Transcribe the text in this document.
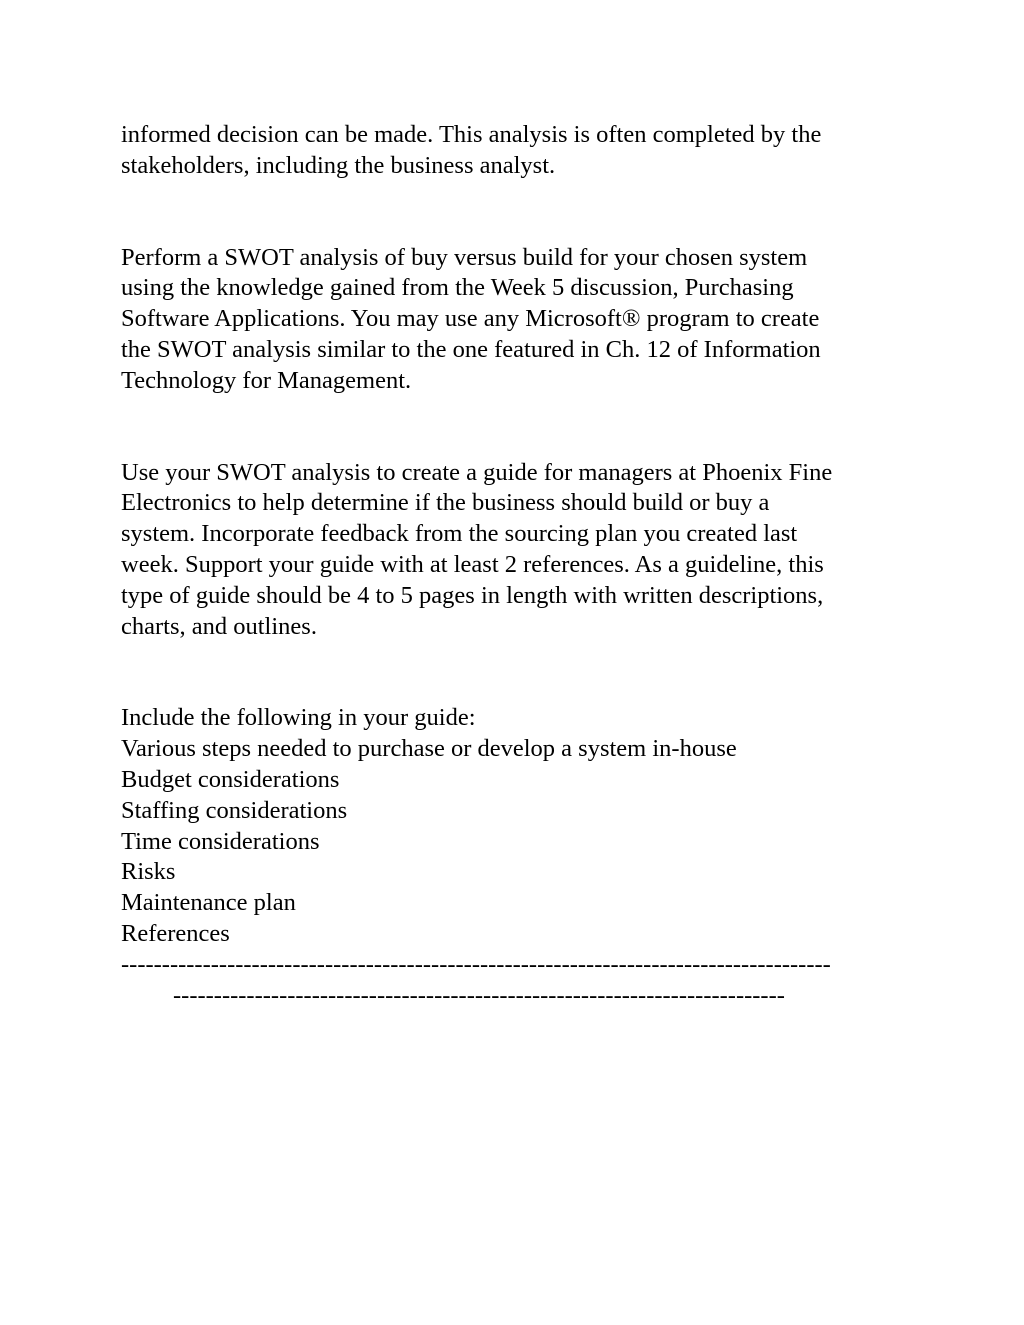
informed decision can be made. This analysis is often completed by the
stakeholders, including the business analyst.

Perform a SWOT analysis of buy versus build for your chosen system
using the knowledge gained from the Week 5 discussion, Purchasing
Software Applications. You may use any Microsoft® program to create
the SWOT analysis similar to the one featured in Ch. 12 of Information
Technology for Management.

Use your SWOT analysis to create a guide for managers at Phoenix Fine
Electronics to help determine if the business should build or buy a
system. Incorporate feedback from the sourcing plan you created last
week. Support your guide with at least 2 references. As a guideline, this
type of guide should be 4 to 5 pages in length with written descriptions,
charts, and outlines.

Include the following in your guide:
Various steps needed to purchase or develop a system in-house
Budget considerations
Staffing considerations
Time considerations
Risks
Maintenance plan
References
---------------------------------------------------------------------------------------
---------------------------------------------------------------------------
